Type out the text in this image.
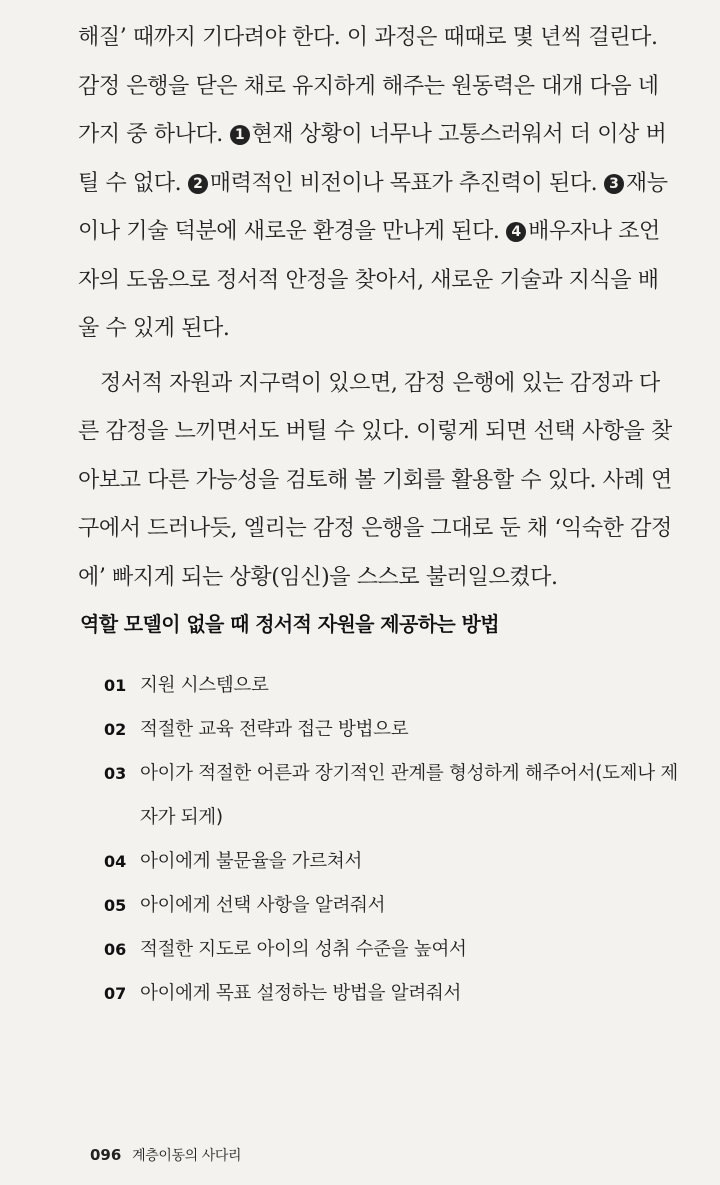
해질’ 때까지 기다려야 한다. 이 과정은 때때로 몇 년씩 걸린다. 감정 은행을 닫은 채로 유지하게 해주는 원동력은 대개 다음 네 가지 중 하나다. 1 현재 상황이 너무나 고통스러워서 더 이상 버틸 수 없다. 2 매력적인 비전이나 목표가 추진력이 된다. 3 재능이나 기술 덕분에 새로운 환경을 만나게 된다. 4 배우자나 조언자의 도움으로 정서적 안정을 찾아서, 새로운 기술과 지식을 배울 수 있게 된다.

정서적 자원과 지구력이 있으면, 감정 은행에 있는 감정과 다른 감정을 느끼면서도 버틸 수 있다. 이렇게 되면 선택 사항을 찾아보고 다른 가능성을 검토해 볼 기회를 활용할 수 있다. 사례 연구에서 드러나듯, 엘리는 감정 은행을 그대로 둔 채 ‘익숙한 감정에’ 빠지게 되는 상황(임신)을 스스로 불러일으켰다.

역할 모델이 없을 때 정서적 자원을 제공하는 방법
01 지원 시스템으로
02 적절한 교육 전략과 접근 방법으로
03 아이가 적절한 어른과 장기적인 관계를 형성하게 해주어서(도제나 제자가 되게)
04 아이에게 불문율을 가르쳐서
05 아이에게 선택 사항을 알려줘서
06 적절한 지도로 아이의 성취 수준을 높여서
07 아이에게 목표 설정하는 방법을 알려줘서
096 계층이동의 사다리
